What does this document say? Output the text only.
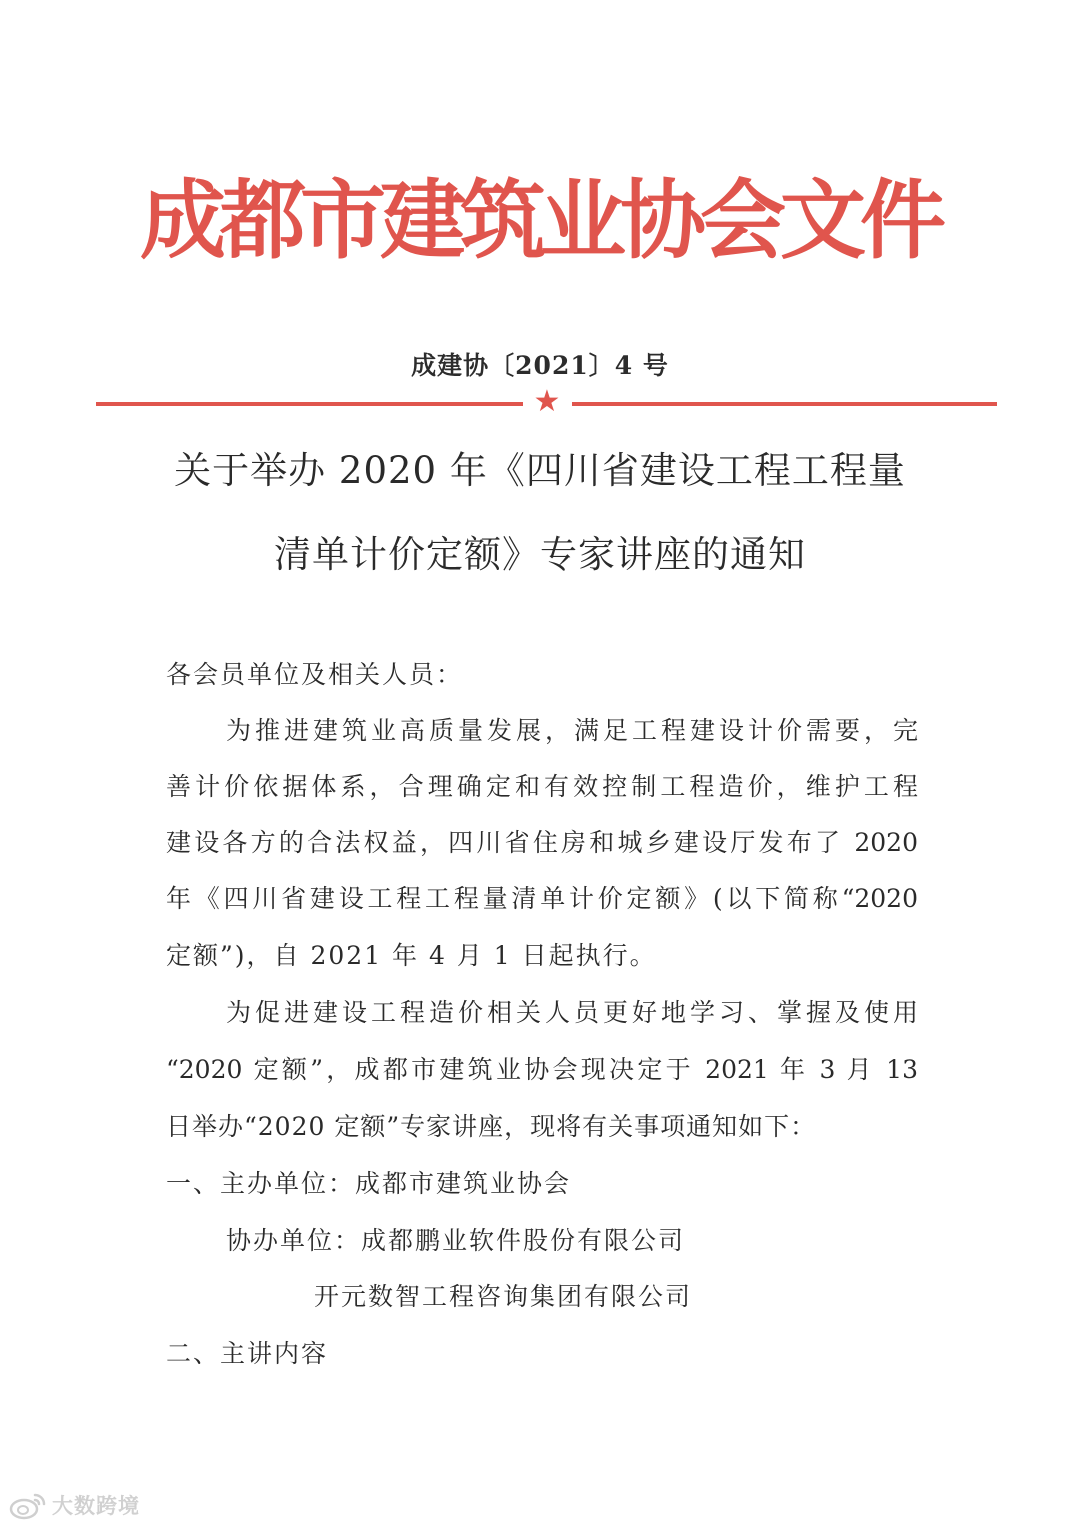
成都市建筑业协会文件
成建协〔2021〕4 号
★
关于举办 2020 年《四川省建设工程工程量
清单计价定额》专家讲座的通知
各会员单位及相关人员：
为推进建筑业高质量发展，满足工程建设计价需要，完
善计价依据体系，合理确定和有效控制工程造价，维护工程
建设各方的合法权益，四川省住房和城乡建设厅发布了 2020
年《四川省建设工程工程量清单计价定额》(以下简称“2020
定额”)，自 2021 年 4 月 1 日起执行。
为促进建设工程造价相关人员更好地学习、掌握及使用
“2020 定额”，成都市建筑业协会现决定于 2021 年 3 月 13
日举办“2020 定额”专家讲座，现将有关事项通知如下：
一、主办单位：成都市建筑业协会
协办单位：成都鹏业软件股份有限公司
开元数智工程咨询集团有限公司
二、主讲内容
大数跨境
